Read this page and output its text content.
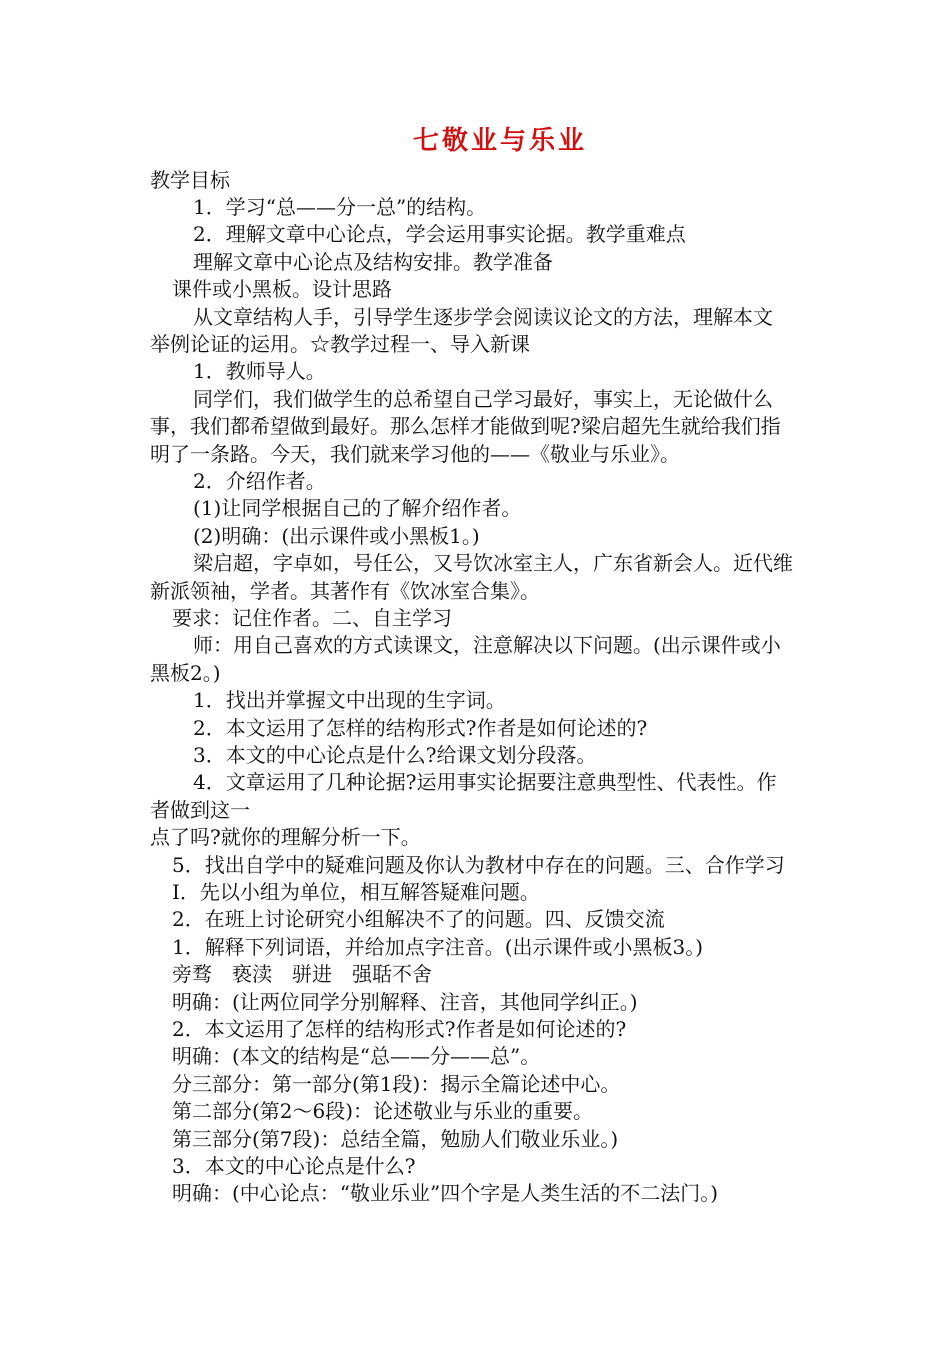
七敬业与乐业

教学目标

1．学习“总——分一总”的结构。

2．理解文章中心论点，学会运用事实论据。教学重难点

理解文章中心论点及结构安排。教学准备

课件或小黑板。设计思路

从文章结构人手，引导学生逐步学会阅读议论文的方法，理解本文

举例论证的运用。☆教学过程一、导入新课

1．教师导人。

同学们，我们做学生的总希望自己学习最好，事实上，无论做什么

事，我们都希望做到最好。那么怎样才能做到呢?梁启超先生就给我们指

明了一条路。今天，我们就来学习他的——《敬业与乐业》。

2．介绍作者。

(1)让同学根据自己的了解介绍作者。

(2)明确：(出示课件或小黑板1。)

梁启超，字卓如，号任公，又号饮冰室主人，广东省新会人。近代维

新派领袖，学者。其著作有《饮冰室合集》。

要求：记住作者。二、自主学习

师：用自己喜欢的方式读课文，注意解决以下问题。(出示课件或小

黑板2。)

1．找出并掌握文中出现的生字词。

2．本文运用了怎样的结构形式?作者是如何论述的?

3．本文的中心论点是什么?给课文划分段落。

4．文章运用了几种论据?运用事实论据要注意典型性、代表性。作

者做到这一

点了吗?就你的理解分析一下。

5．找出自学中的疑难问题及你认为教材中存在的问题。三、合作学习

I．先以小组为单位，相互解答疑难问题。

2．在班上讨论研究小组解决不了的问题。四、反馈交流

1．解释下列词语，并给加点字注音。(出示课件或小黑板3。)

旁骛　亵渎　骈进　强聒不舍

明确：(让两位同学分别解释、注音，其他同学纠正。)

2．本文运用了怎样的结构形式?作者是如何论述的?

明确：(本文的结构是“总——分——总”。

分三部分：第一部分(第1段)：揭示全篇论述中心。

第二部分(第2～6段)：论述敬业与乐业的重要。

第三部分(第7段)：总结全篇，勉励人们敬业乐业。)

3．本文的中心论点是什么?

明确：(中心论点：“敬业乐业”四个字是人类生活的不二法门。)
